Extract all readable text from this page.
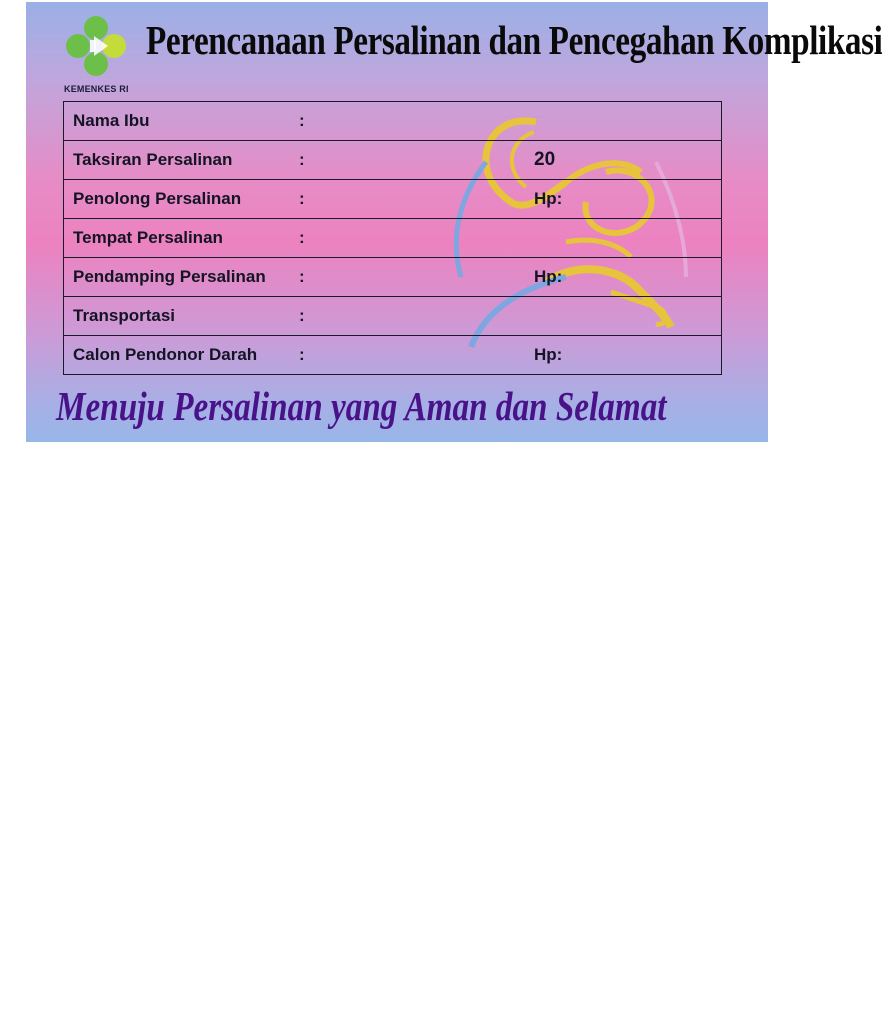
KEMENKES RI
Perencanaan Persalinan dan Pencegahan Komplikasi
Nama Ibu	:
Taksiran Persalinan	:	20
Penolong Persalinan	:	Hp:
Tempat Persalinan	:
Pendamping Persalinan :	Hp:
Transportasi	:
Calon Pendonor Darah :	Hp:
Menuju Persalinan yang Aman dan Selamat
